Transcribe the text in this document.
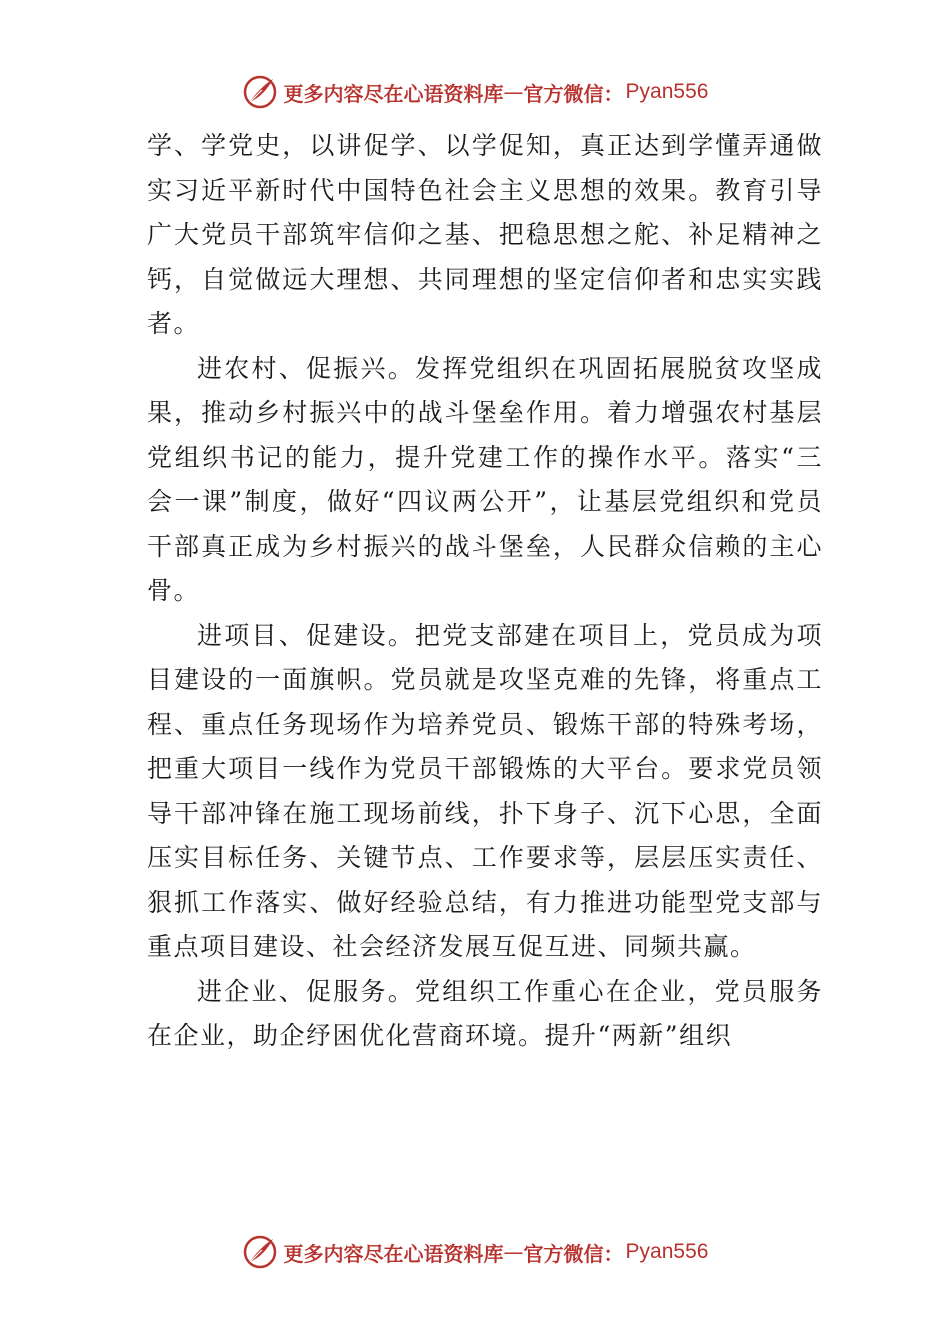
更多内容尽在心语资料库 — 官方微信： Pyan556

学、学党史，以讲促学、以学促知，真正达到学懂弄通做实习近平新时代中国特色社会主义思想的效果。教育引导广大党员干部筑牢信仰之基、把稳思想之舵、补足精神之钙，自觉做远大理想、共同理想的坚定信仰者和忠实实践者。

进农村、促振兴。发挥党组织在巩固拓展脱贫攻坚成果，推动乡村振兴中的战斗堡垒作用。着力增强农村基层党组织书记的能力，提升党建工作的操作水平。落实“三会一课”制度，做好“四议两公开”，让基层党组织和党员干部真正成为乡村振兴的战斗堡垒，人民群众信赖的主心骨。

进项目、促建设。把党支部建在项目上，党员成为项目建设的一面旗帜。党员就是攻坚克难的先锋，将重点工程、重点任务现场作为培养党员、锻炼干部的特殊考场，把重大项目一线作为党员干部锻炼的大平台。要求党员领导干部冲锋在施工现场前线，扑下身子、沉下心思，全面压实目标任务、关键节点、工作要求等，层层压实责任、狠抓工作落实、做好经验总结，有力推进功能型党支部与重点项目建设、社会经济发展互促互进、同频共赢。

进企业、促服务。党组织工作重心在企业，党员服务在企业，助企纾困优化营商环境。提升“两新”组织

更多内容尽在心语资料库 — 官方微信： Pyan556
